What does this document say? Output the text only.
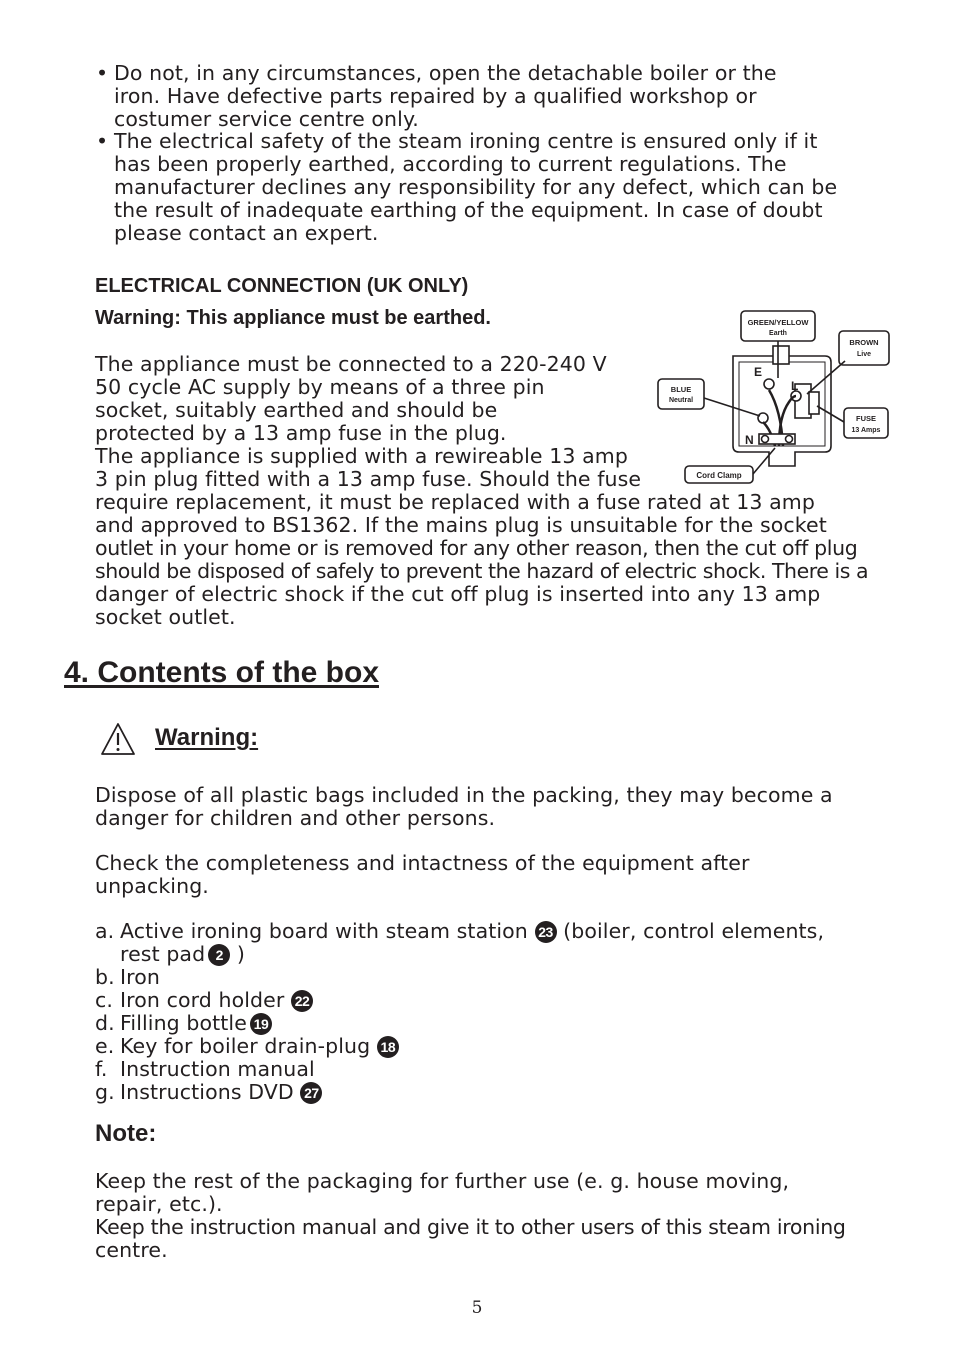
• Do not, in any circumstances, open the detachable boiler or the

iron. Have defective parts repaired by a qualified workshop or

costumer service centre only.

• The electrical safety of the steam ironing centre is ensured only if it

has been properly earthed, according to current regulations. The

manufacturer declines any responsibility for any defect, which can be

the result of inadequate earthing of the equipment. In case of doubt

please contact an expert.

ELECTRICAL CONNECTION (UK ONLY)
Warning: This appliance must be earthed.
The appliance must be connected to a 220-240 V
50 cycle AC supply by means of a three pin
socket, suitably earthed and should be
protected by a 13 amp fuse in the plug.
The appliance is supplied with a rewireable 13 amp
3 pin plug fitted with a 13 amp fuse. Should the fuse
require replacement, it must be replaced with a fuse rated at 13 amp
and approved to BS1362. If the mains plug is unsuitable for the socket
outlet in your home or is removed for any other reason, then the cut off plug
should be disposed of safely to prevent the hazard of electric shock. There is a
danger of electric shock if the cut off plug is inserted into any 13 amp
socket outlet.
GREEN/YELLOW
Earth
BROWN
Live
BLUE
Neutral
FUSE
13 Amps
Cord Clamp
E
L
N
4. Contents of the box
Warning:
Dispose of all plastic bags included in the packing, they may become a
danger for children and other persons.
Check the completeness and intactness of the equipment after
unpacking.
a. Active ironing board with steam station 23 (boiler, control elements,
rest pad 2 )
b. Iron
c. Iron cord holder 22
d. Filling bottle 19
e. Key for boiler drain-plug 18
f. Instruction manual
g. Instructions DVD 27
Note:
Keep the rest of the packaging for further use (e. g. house moving,
repair, etc.).
Keep the instruction manual and give it to other users of this steam ironing
centre.
5
